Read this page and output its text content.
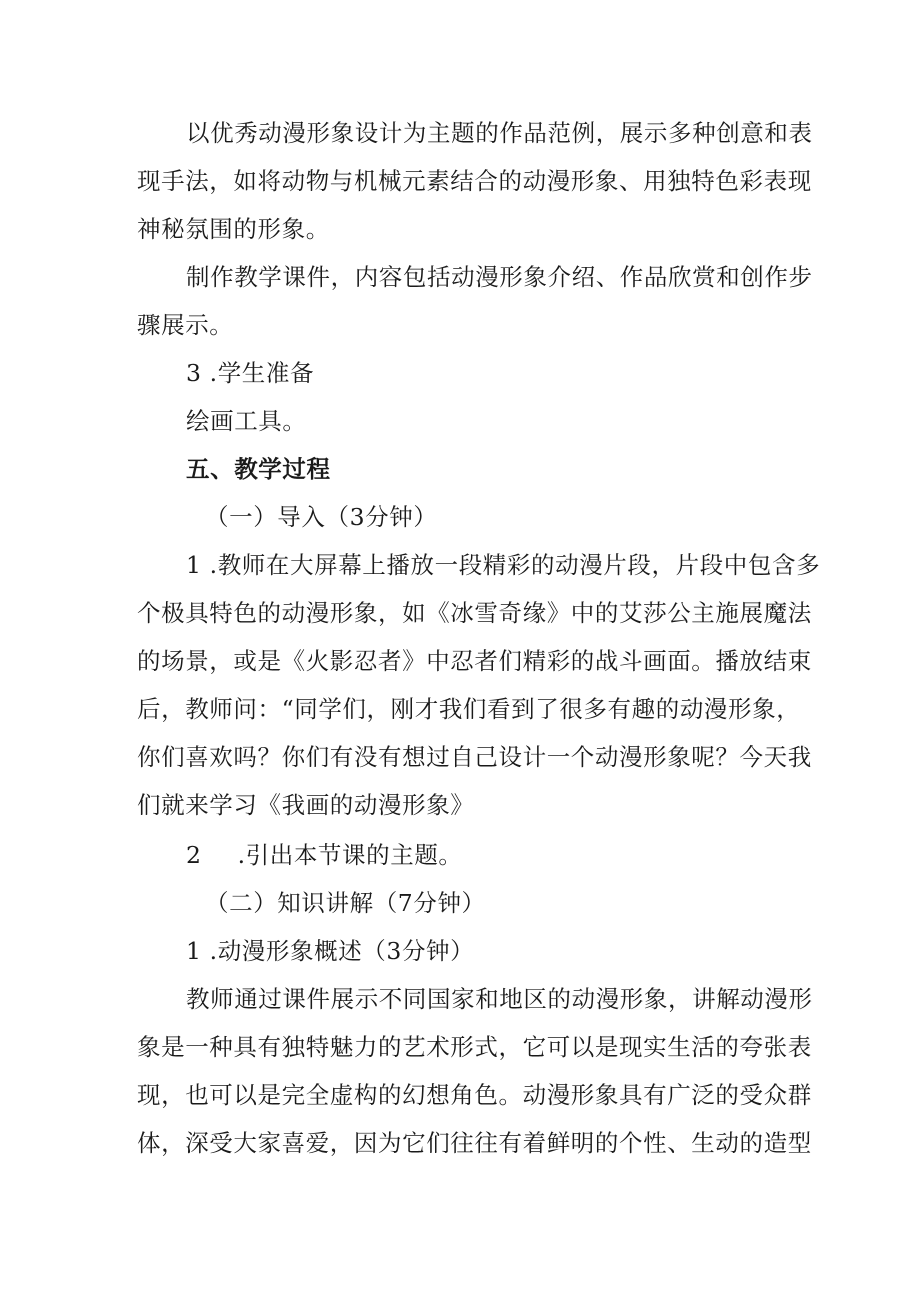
以优秀动漫形象设计为主题的作品范例，展示多种创意和表
现手法，如将动物与机械元素结合的动漫形象、用独特色彩表现
神秘氛围的形象。
制作教学课件，内容包括动漫形象介绍、作品欣赏和创作步
骤展示。
3 .学生准备
绘画工具。
五、教学过程
（一）导入（3分钟）
1 .教师在大屏幕上播放一段精彩的动漫片段，片段中包含多
个极具特色的动漫形象，如《冰雪奇缘》中的艾莎公主施展魔法
的场景，或是《火影忍者》中忍者们精彩的战斗画面。播放结束
后，教师问：“同学们，刚才我们看到了很多有趣的动漫形象，
你们喜欢吗？你们有没有想过自己设计一个动漫形象呢？今天我
们就来学习《我画的动漫形象》
2 .引出本节课的主题。
（二）知识讲解（7分钟）
1 .动漫形象概述（3分钟）
教师通过课件展示不同国家和地区的动漫形象，讲解动漫形
象是一种具有独特魅力的艺术形式，它可以是现实生活的夸张表
现，也可以是完全虚构的幻想角色。动漫形象具有广泛的受众群
体，深受大家喜爱，因为它们往往有着鲜明的个性、生动的造型
